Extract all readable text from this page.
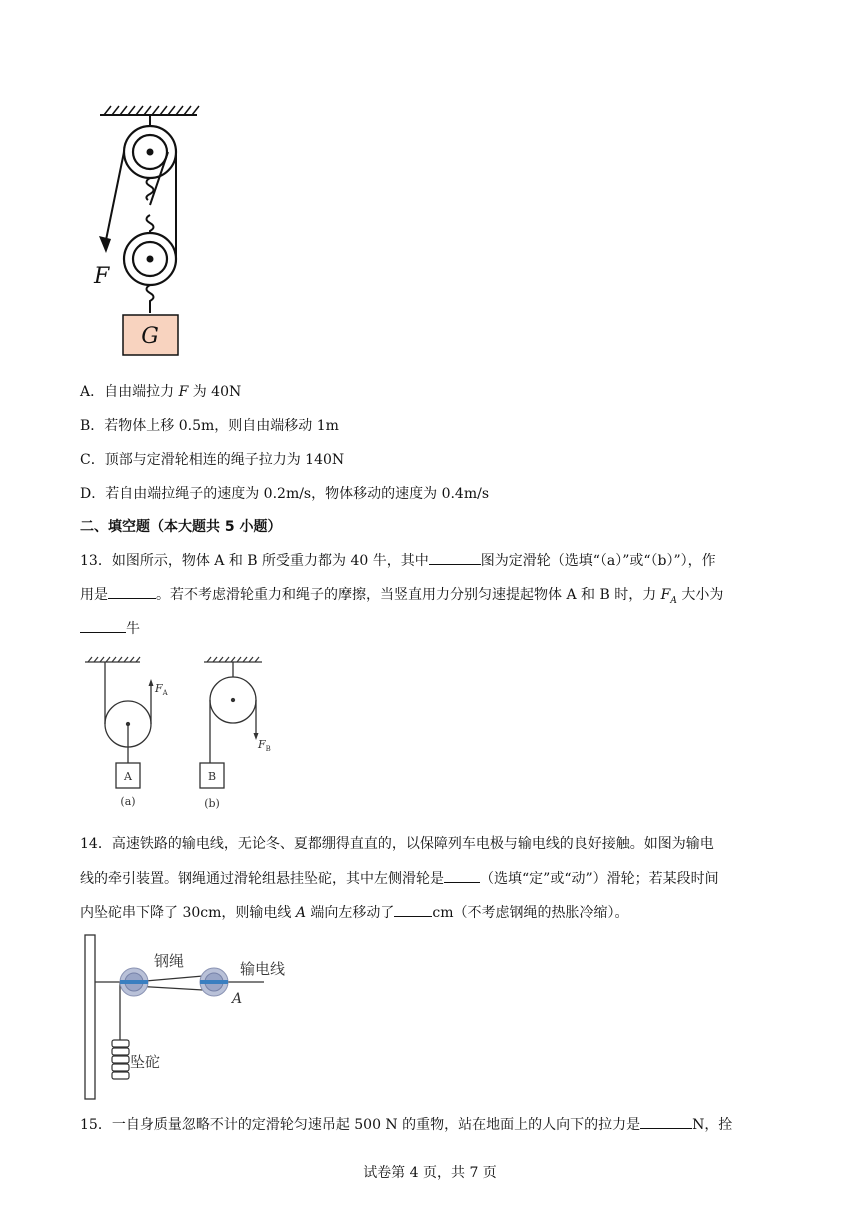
F
G
A．自由端拉力 F 为 40N
B．若物体上移 0.5m，则自由端移动 1m
C．顶部与定滑轮相连的绳子拉力为 140N
D．若自由端拉绳子的速度为 0.2m/s，物体移动的速度为 0.4m/s
二、填空题（本大题共 5 小题）
13．如图所示，物体 A 和 B 所受重力都为 40 牛，其中	图为定滑轮（选填“（a）”或“（b）”），作
用是	。若不考虑滑轮重力和绳子的摩擦，当竖直用力分别匀速提起物体 A 和 B 时，力 $F_A$ 大小为
牛
$F_A$
A
(a)
$F_B$
B
(b)
14．高速铁路的输电线，无论冬、夏都绷得直直的，以保障列车电极与输电线的良好接触。如图为输电
线的牵引装置。钢绳通过滑轮组悬挂坠砣，其中左侧滑轮是	（选填“定”或“动”）滑轮；若某段时间
内坠砣串下降了 30cm，则输电线 A 端向左移动了	cm（不考虑钢绳的热胀冷缩）。
钢绳	输电线
A
坠砣
15．一自身质量忽略不计的定滑轮匀速吊起 500 N 的重物，站在地面上的人向下的拉力是	N，拴
试卷第 4 页，共 7 页
